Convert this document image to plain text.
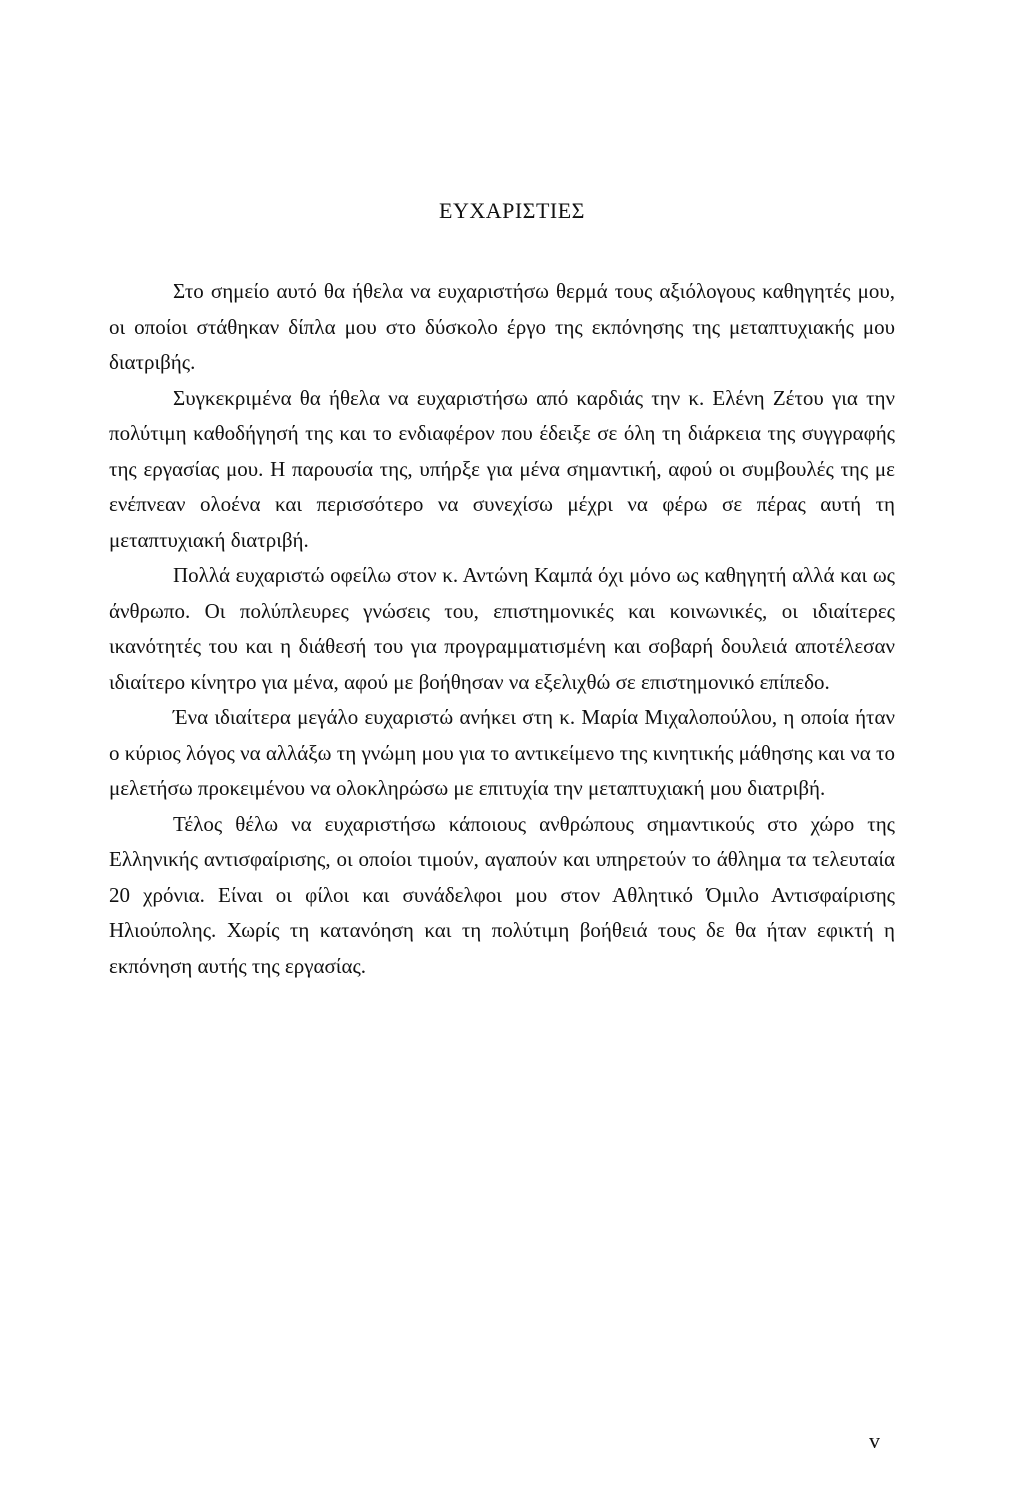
ΕΥΧΑΡΙΣΤΙΕΣ

Στο σημείο αυτό θα ήθελα να ευχαριστήσω θερμά τους αξιόλογους καθηγητές μου, οι οποίοι στάθηκαν δίπλα μου στο δύσκολο έργο της εκπόνησης της μεταπτυχιακής μου διατριβής.

Συγκεκριμένα θα ήθελα να ευχαριστήσω από καρδιάς την κ. Ελένη Ζέτου για την πολύτιμη καθοδήγησή της και το ενδιαφέρον που έδειξε σε όλη τη διάρκεια της συγγραφής της εργασίας μου. Η παρουσία της, υπήρξε για μένα σημαντική, αφού οι συμβουλές της με ενέπνεαν ολοένα και περισσότερο να συνεχίσω μέχρι να φέρω σε πέρας αυτή τη μεταπτυχιακή διατριβή.

Πολλά ευχαριστώ οφείλω στον κ. Αντώνη Καμπά όχι μόνο ως καθηγητή αλλά και ως άνθρωπο. Οι πολύπλευρες γνώσεις του, επιστημονικές και κοινωνικές, οι ιδιαίτερες ικανότητές του και η διάθεσή του για προγραμματισμένη και σοβαρή δουλειά αποτέλεσαν ιδιαίτερο κίνητρο για μένα, αφού με βοήθησαν να εξελιχθώ σε επιστημονικό επίπεδο.

Ένα ιδιαίτερα μεγάλο ευχαριστώ ανήκει στη κ. Μαρία Μιχαλοπούλου, η οποία ήταν ο κύριος λόγος να αλλάξω τη γνώμη μου για το αντικείμενο της κινητικής μάθησης και να το μελετήσω προκειμένου να ολοκληρώσω με επιτυχία την μεταπτυχιακή μου διατριβή.

Τέλος θέλω να ευχαριστήσω κάποιους ανθρώπους σημαντικούς στο χώρο της Ελληνικής αντισφαίρισης, οι οποίοι τιμούν, αγαπούν και υπηρετούν το άθλημα τα τελευταία 20 χρόνια. Είναι οι φίλοι και συνάδελφοι μου στον Αθλητικό Όμιλο Αντισφαίρισης Ηλιούπολης. Χωρίς τη κατανόηση και τη πολύτιμη βοήθειά τους δε θα ήταν εφικτή η εκπόνηση αυτής της εργασίας.

v
